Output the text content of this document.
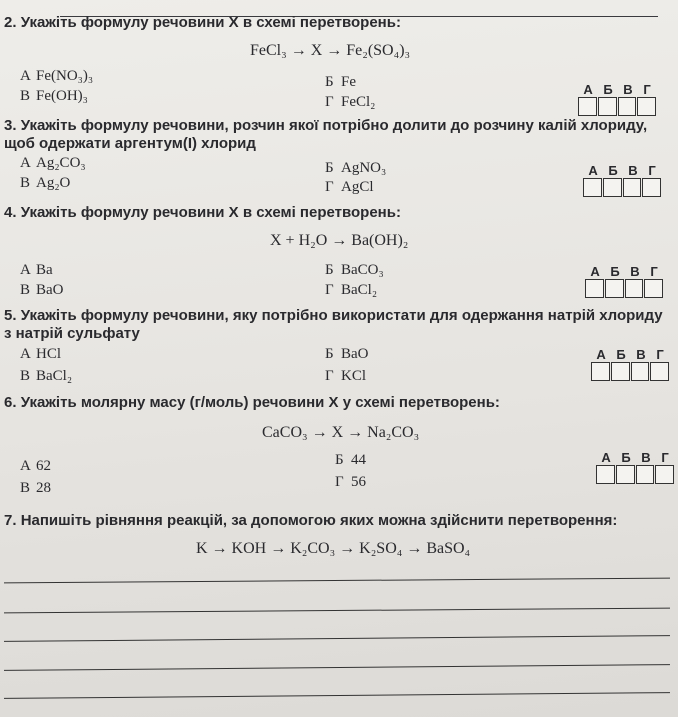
2. Укажіть формулу речовини X в схемі перетворень:
FeCl₃ → X → Fe₂(SO₄)₃
А Fe(NO₃)₃
В Fe(OH)₃
Б Fe
Г FeCl₂
А Б В Г
3. Укажіть формулу речовини, розчин якої потрібно долити до розчину калій хлориду, щоб одержати аргентум(I) хлорид
А Ag₂CO₃
В Ag₂O
Б AgNO₃
Г AgCl
А Б В Г
4. Укажіть формулу речовини X в схемі перетворень:
X + H₂O → Ba(OH)₂
А Ba
В BaO
Б BaCO₃
Г BaCl₂
А Б В Г
5. Укажіть формулу речовини, яку потрібно використати для одержання натрій хлориду з натрій сульфату
А HCl
В BaCl₂
Б BaO
Г KCl
А Б В Г
6. Укажіть молярну масу (г/моль) речовини X у схемі перетворень:
CaCO₃ → X → Na₂CO₃
А 62
В 28
Б 44
Г 56
А Б В Г
7. Напишіть рівняння реакцій, за допомогою яких можна здійснити перетворення:
K → KOH → K₂CO₃ → K₂SO₄ → BaSO₄
